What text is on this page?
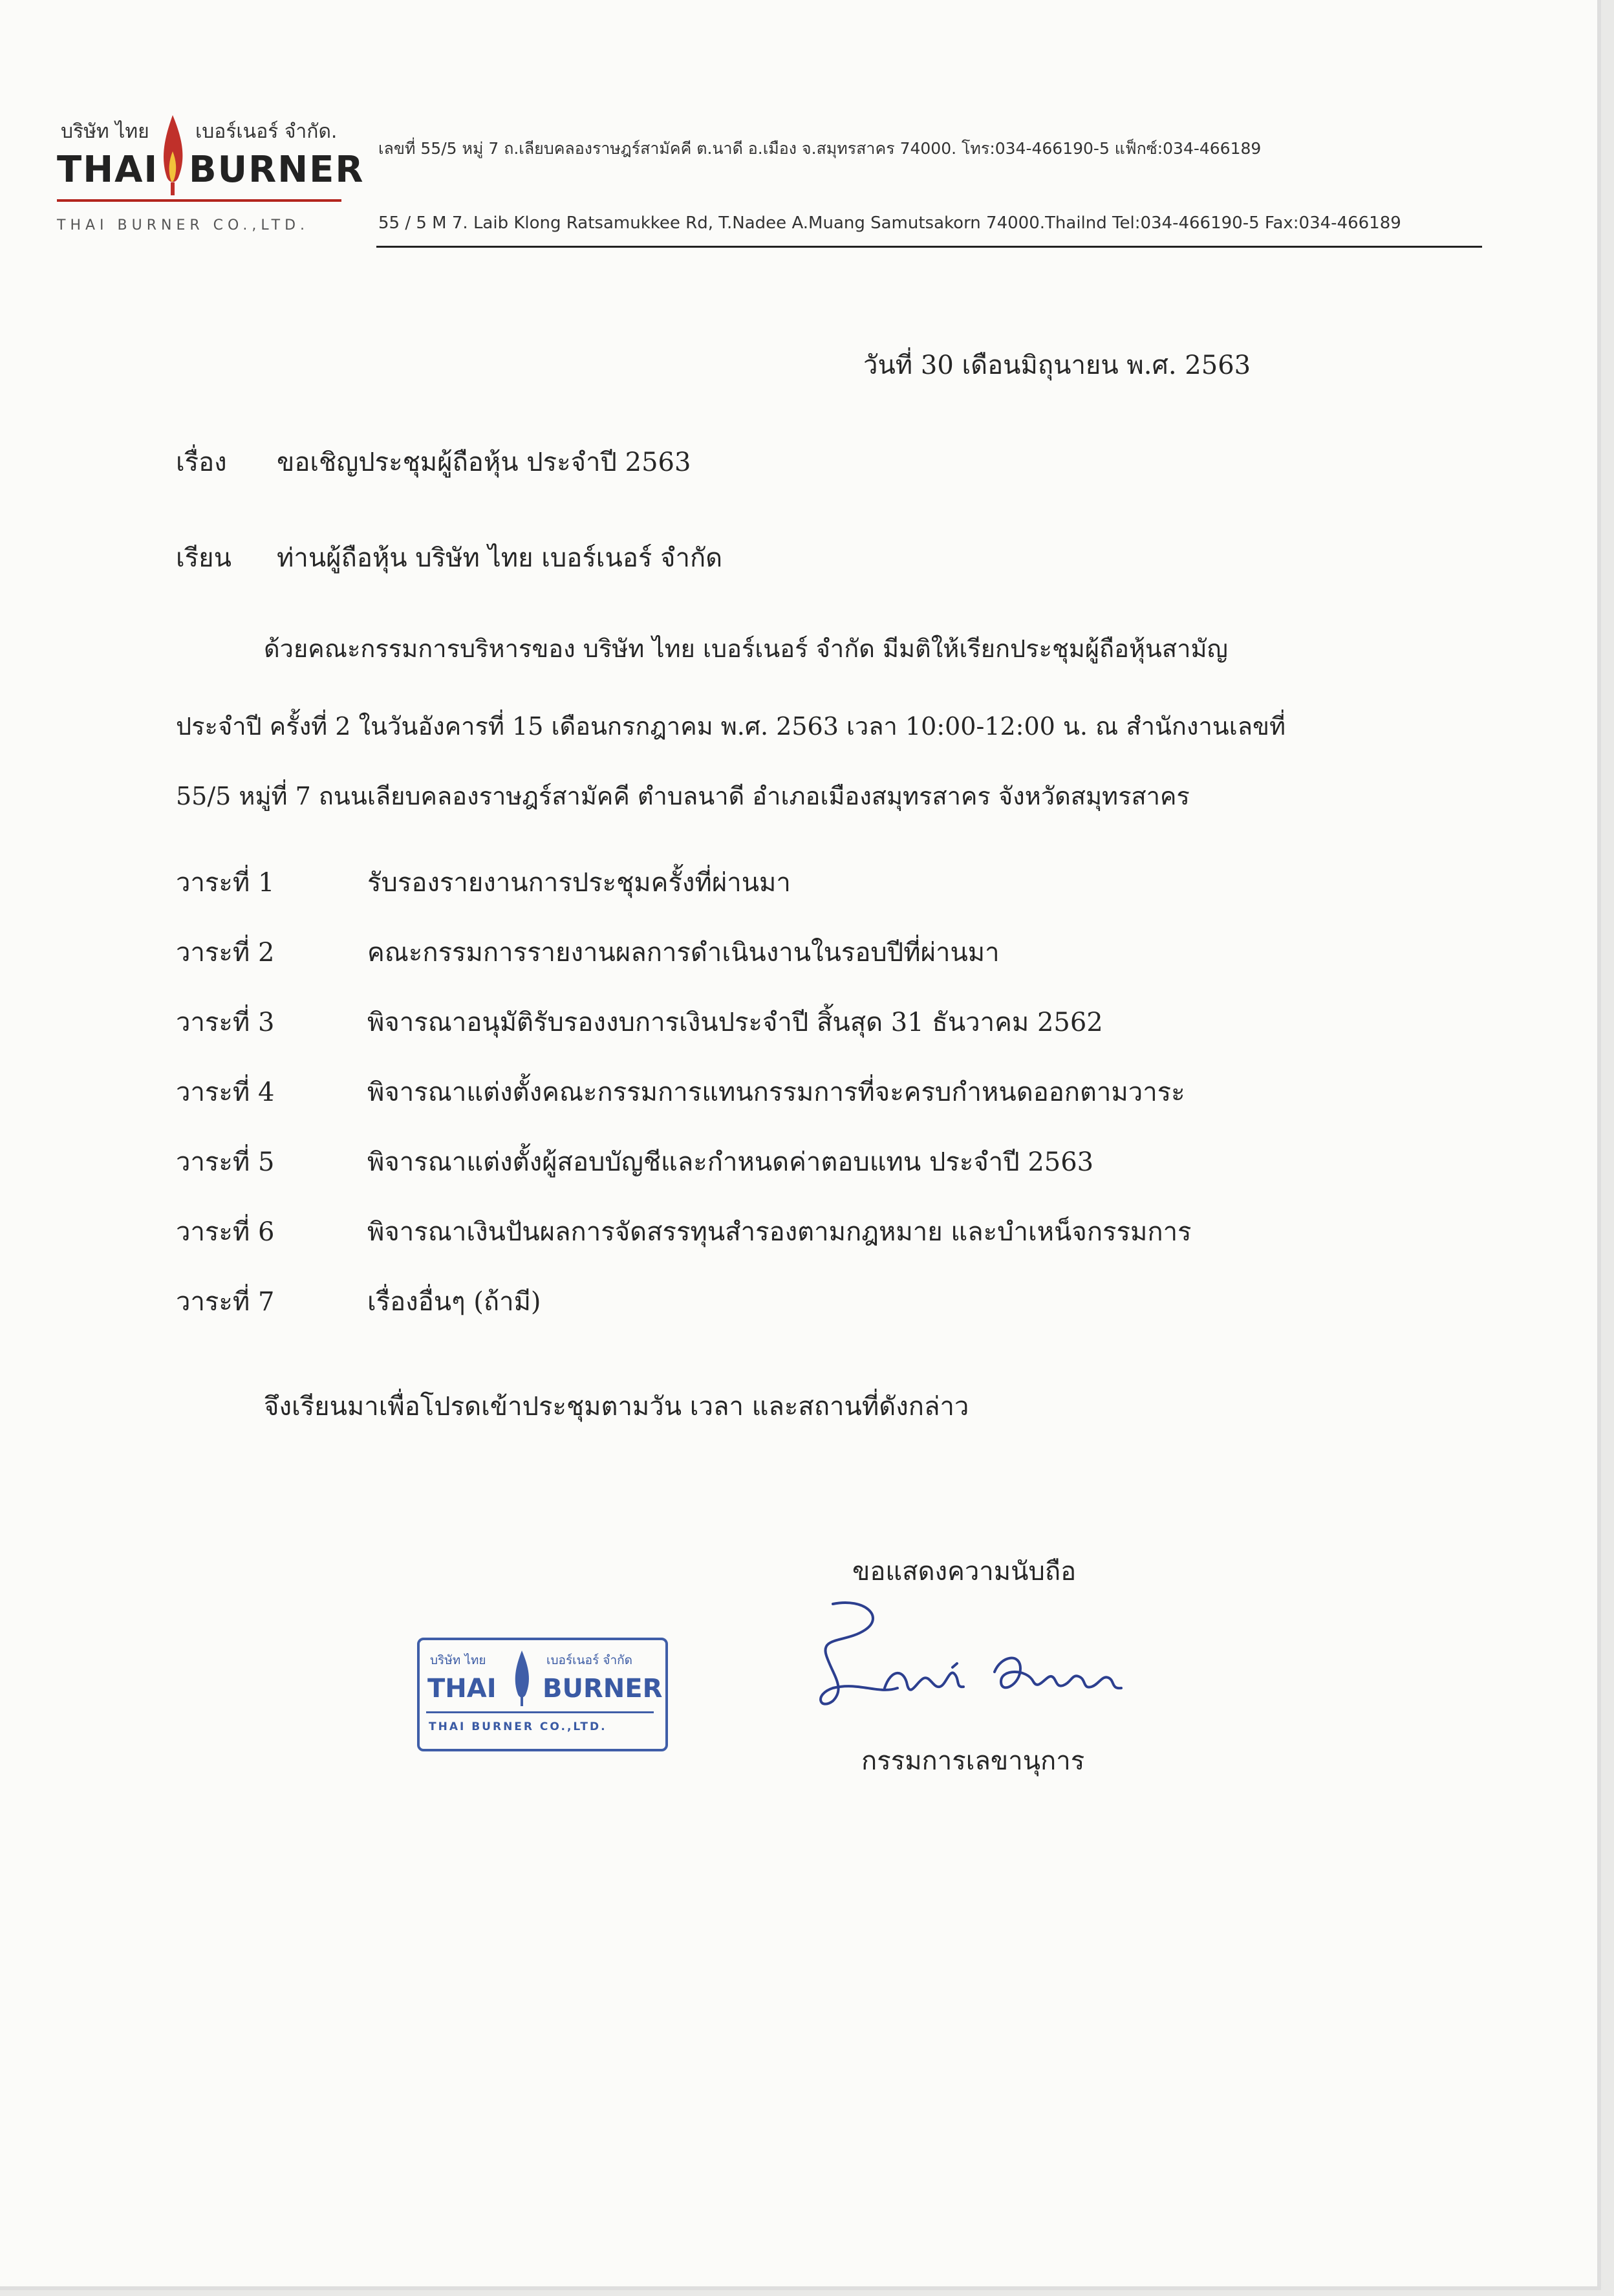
บริษัท ไทย เบอร์เนอร์ จำกัด.
THAI BURNER
THAI BURNER CO.,LTD.
เลขที่ 55/5 หมู่ 7 ถ.เลียบคลองราษฎร์สามัคคี ต.นาดี อ.เมือง จ.สมุทรสาคร 74000. โทร:034-466190-5 แฟ็กซ์:034-466189
55 / 5 M 7. Laib Klong Ratsamukkee Rd, T.Nadee A.Muang Samutsakorn 74000.Thailnd Tel:034-466190-5 Fax:034-466189
วันที่ 30 เดือนมิถุนายน พ.ศ. 2563
เรื่อง ขอเชิญประชุมผู้ถือหุ้น ประจำปี 2563
เรียน ท่านผู้ถือหุ้น บริษัท ไทย เบอร์เนอร์ จำกัด
ด้วยคณะกรรมการบริหารของ บริษัท ไทย เบอร์เนอร์ จำกัด มีมติให้เรียกประชุมผู้ถือหุ้นสามัญ
ประจำปี ครั้งที่ 2 ในวันอังคารที่ 15 เดือนกรกฎาคม พ.ศ. 2563 เวลา 10:00-12:00 น. ณ สำนักงานเลขที่
55/5 หมู่ที่ 7 ถนนเลียบคลองราษฎร์สามัคคี ตำบลนาดี อำเภอเมืองสมุทรสาคร จังหวัดสมุทรสาคร
วาระที่ 1	รับรองรายงานการประชุมครั้งที่ผ่านมา
วาระที่ 2	คณะกรรมการรายงานผลการดำเนินงานในรอบปีที่ผ่านมา
วาระที่ 3	พิจารณาอนุมัติรับรองงบการเงินประจำปี สิ้นสุด 31 ธันวาคม 2562
วาระที่ 4	พิจารณาแต่งตั้งคณะกรรมการแทนกรรมการที่จะครบกำหนดออกตามวาระ
วาระที่ 5	พิจารณาแต่งตั้งผู้สอบบัญชีและกำหนดค่าตอบแทน ประจำปี 2563
วาระที่ 6	พิจารณาเงินปันผลการจัดสรรทุนสำรองตามกฎหมาย และบำเหน็จกรรมการ
วาระที่ 7	เรื่องอื่นๆ (ถ้ามี)
จึงเรียนมาเพื่อโปรดเข้าประชุมตามวัน เวลา และสถานที่ดังกล่าว
ขอแสดงความนับถือ
บริษัท ไทย	เบอร์เนอร์ จำกัด
THAI BURNER
THAI BURNER CO.,LTD.
กรรมการเลขานุการ
